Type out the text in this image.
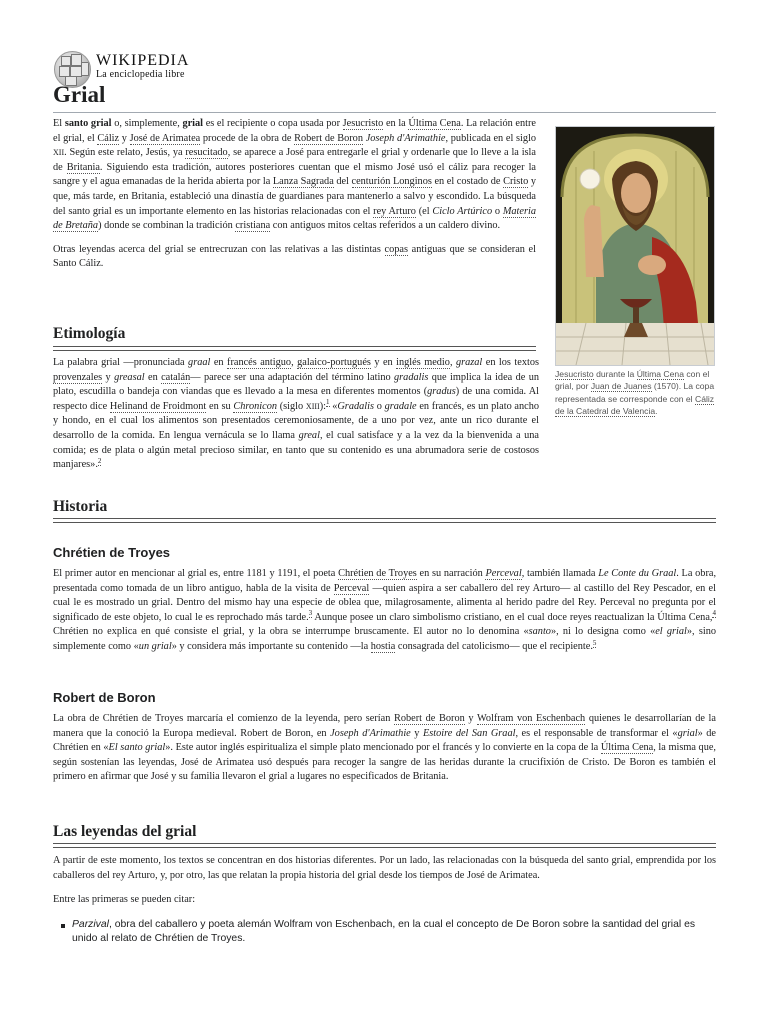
WIKIPEDIA
La enciclopedia libre
Grial

El santo grial o, simplemente, grial es el recipiente o copa usada por Jesucristo en la Última Cena. La relación entre el grial, el Cáliz y José de Arimatea procede de la obra de Robert de Boron Joseph d'Arimathie, publicada en el siglo XII. Según este relato, Jesús, ya resucitado, se aparece a José para entregarle el grial y ordenarle que lo lleve a la isla de Britania. Siguiendo esta tradición, autores posteriores cuentan que el mismo José usó el cáliz para recoger la sangre y el agua emanadas de la herida abierta por la Lanza Sagrada del centurión Longinos en el costado de Cristo y que, más tarde, en Britania, estableció una dinastía de guardianes para mantenerlo a salvo y escondido. La búsqueda del santo grial es un importante elemento en las historias relacionadas con el rey Arturo (el Ciclo Artúrico o Materia de Bretaña) donde se combinan la tradición cristiana con antiguos mitos celtas referidos a un caldero divino.

Otras leyendas acerca del grial se entrecruzan con las relativas a las distintas copas antiguas que se consideran el Santo Cáliz.

Jesucristo durante la Última Cena con el grial, por Juan de Juanes (1570). La copa representada se corresponde con el Cáliz de la Catedral de Valencia.
Etimología

La palabra grial —pronunciada graal en francés antiguo, galaico-portugués y en inglés medio, grazal en los textos provenzales y greasal en catalán— parece ser una adaptación del término latino gradalis que implica la idea de un plato, escudilla o bandeja con viandas que es llevado a la mesa en diferentes momentos (gradus) de una comida. Al respecto dice Helinand de Froidmont en su Chronicon (siglo XIII):$^1$ «Gradalis o gradale en francés, es un plato ancho y hondo, en el cual los alimentos son presentados ceremoniosamente, de a uno por vez, ante un rico durante el desarrollo de la comida. En lengua vernácula se lo llama greal, el cual satisface y a la vez da la bienvenida a una comida; es de plata o algún metal precioso similar, en tanto que su contenido es una abrumadora serie de costosos manjares».$^2$

Historia
Chrétien de Troyes

El primer autor en mencionar al grial es, entre 1181 y 1191, el poeta Chrétien de Troyes en su narración Perceval, también llamada Le Conte du Graal. La obra, presentada como tomada de un libro antiguo, habla de la visita de Perceval —quien aspira a ser caballero del rey Arturo— al castillo del Rey Pescador, en el cual le es mostrado un grial. Dentro del mismo hay una especie de oblea que, milagrosamente, alimenta al herido padre del Rey. Perceval no pregunta por el significado de este objeto, lo cual le es reprochado más tarde.$^3$ Aunque posee un claro simbolismo cristiano, en el cual doce reyes reactualizan la Última Cena,$^4$ Chrétien no explica en qué consiste el grial, y la obra se interrumpe bruscamente. El autor no lo denomina «santo», ni lo designa como «el grial», sino simplemente como «un grial» y considera más importante su contenido —la hostia consagrada del catolicismo— que el recipiente.$^5$

Robert de Boron

La obra de Chrétien de Troyes marcaría el comienzo de la leyenda, pero serían Robert de Boron y Wolfram von Eschenbach quienes le desarrollarían de la manera que la conoció la Europa medieval. Robert de Boron, en Joseph d'Arimathie y Estoire del San Graal, es el responsable de transformar el «grial» de Chrétien en «El santo grial». Este autor inglés espiritualiza el simple plato mencionado por el francés y lo convierte en la copa de la Última Cena, la misma que, según sostenían las leyendas, José de Arimatea usó después para recoger la sangre de las heridas durante la crucifixión de Cristo. De Boron es también el primero en afirmar que José y su familia llevaron el grial a lugares no especificados de Britania.

Las leyendas del grial

A partir de este momento, los textos se concentran en dos historias diferentes. Por un lado, las relacionadas con la búsqueda del santo grial, emprendida por los caballeros del rey Arturo, y, por otro, las que relatan la propia historia del grial desde los tiempos de José de Arimatea.

Entre las primeras se pueden citar:

Parzival, obra del caballero y poeta alemán Wolfram von Eschenbach, en la cual el concepto de De Boron sobre la santidad del grial es unido al relato de Chrétien de Troyes.
